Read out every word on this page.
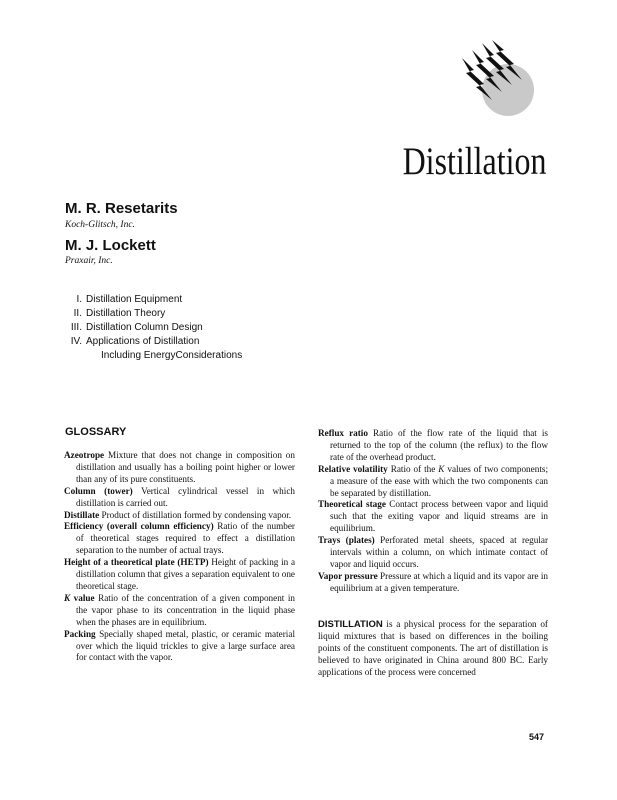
Distillation
M. R. Resetarits
Koch-Glitsch, Inc.
M. J. Lockett
Praxair, Inc.
I. Distillation Equipment
II. Distillation Theory
III. Distillation Column Design
IV. Applications of Distillation
Including EnergyConsiderations
GLOSSARY

Azeotrope Mixture that does not change in composition on distillation and usually has a boiling point higher or lower than any of its pure constituents.

Column (tower) Vertical cylindrical vessel in which distillation is carried out.

Distillate Product of distillation formed by condensing vapor.

Efficiency (overall column efficiency) Ratio of the number of theoretical stages required to effect a distillation separation to the number of actual trays.

Height of a theoretical plate (HETP) Height of packing in a distillation column that gives a separation equivalent to one theoretical stage.

K value Ratio of the concentration of a given component in the vapor phase to its concentration in the liquid phase when the phases are in equilibrium.

Packing Specially shaped metal, plastic, or ceramic material over which the liquid trickles to give a large surface area for contact with the vapor.

Reflux ratio Ratio of the flow rate of the liquid that is returned to the top of the column (the reflux) to the flow rate of the overhead product.

Relative volatility Ratio of the K values of two components; a measure of the ease with which the two components can be separated by distillation.

Theoretical stage Contact process between vapor and liquid such that the exiting vapor and liquid streams are in equilibrium.

Trays (plates) Perforated metal sheets, spaced at regular intervals within a column, on which intimate contact of vapor and liquid occurs.

Vapor pressure Pressure at which a liquid and its vapor are in equilibrium at a given temperature.

DISTILLATION is a physical process for the separation of liquid mixtures that is based on differences in the boiling points of the constituent components. The art of distillation is believed to have originated in China around 800 BC. Early applications of the process were concerned

547
